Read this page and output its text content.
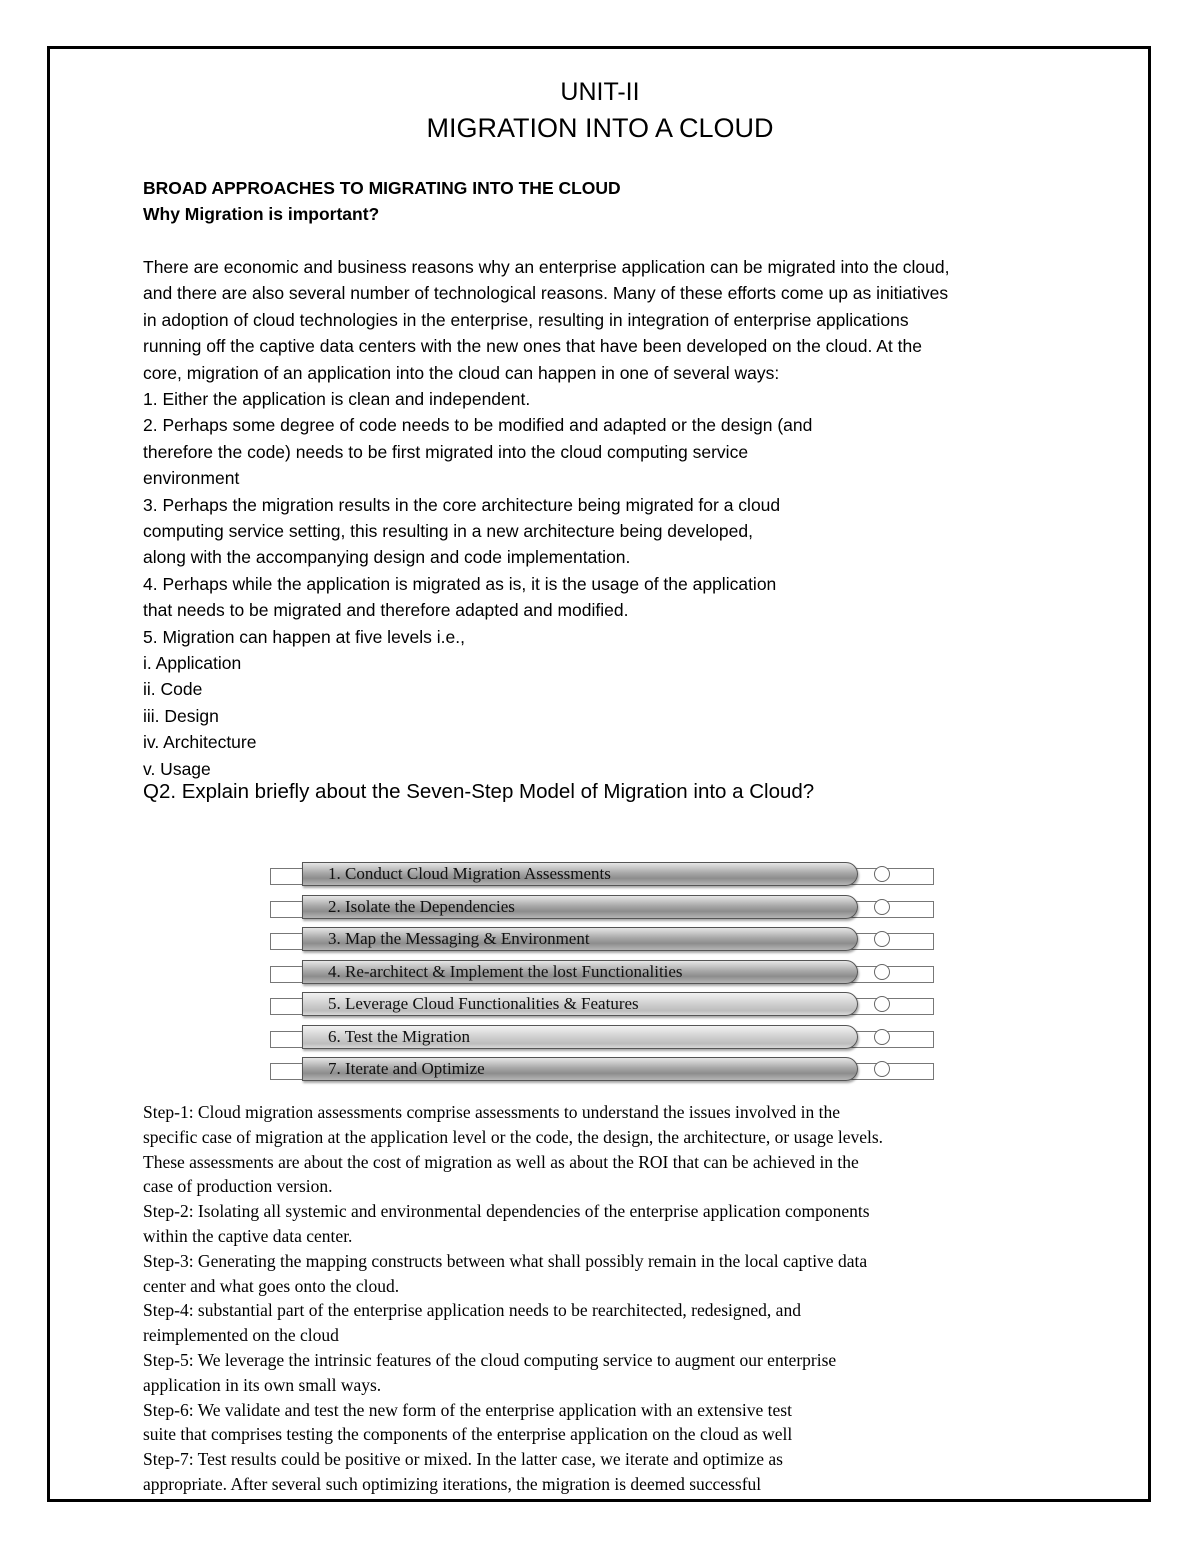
UNIT-II
MIGRATION INTO A CLOUD
BROAD APPROACHES TO MIGRATING INTO THE CLOUD
Why Migration is important?
There are economic and business reasons why an enterprise application can be migrated into the cloud,
and there are also several number of technological reasons. Many of these efforts come up as initiatives
in adoption of cloud technologies in the enterprise, resulting in integration of enterprise applications
running off the captive data centers with the new ones that have been developed on the cloud. At the
core, migration of an application into the cloud can happen in one of several ways:
1. Either the application is clean and independent.
2. Perhaps some degree of code needs to be modified and adapted or the design (and
therefore the code) needs to be first migrated into the cloud computing service
environment
3. Perhaps the migration results in the core architecture being migrated for a cloud
computing service setting, this resulting in a new architecture being developed,
along with the accompanying design and code implementation.
4. Perhaps while the application is migrated as is, it is the usage of the application
that needs to be migrated and therefore adapted and modified.
5. Migration can happen at five levels i.e.,
i. Application
ii. Code
iii. Design
iv. Architecture
v. Usage
Q2. Explain briefly about the Seven-Step Model of Migration into a Cloud?
1. Conduct Cloud Migration Assessments
2. Isolate the Dependencies
3. Map the Messaging & Environment
4. Re-architect & Implement the lost Functionalities
5. Leverage Cloud Functionalities & Features
6. Test the Migration
7. Iterate and Optimize
Step-1: Cloud migration assessments comprise assessments to understand the issues involved in the
specific case of migration at the application level or the code, the design, the architecture, or usage levels.
These assessments are about the cost of migration as well as about the ROI that can be achieved in the
case of production version.
Step-2: Isolating all systemic and environmental dependencies of the enterprise application components
within the captive data center.
Step-3: Generating the mapping constructs between what shall possibly remain in the local captive data
center and what goes onto the cloud.
Step-4: substantial part of the enterprise application needs to be rearchitected, redesigned, and
reimplemented on the cloud
Step-5: We leverage the intrinsic features of the cloud computing service to augment our enterprise
application in its own small ways.
Step-6: We validate and test the new form of the enterprise application with an extensive test
suite that comprises testing the components of the enterprise application on the cloud as well
Step-7: Test results could be positive or mixed. In the latter case, we iterate and optimize as
appropriate. After several such optimizing iterations, the migration is deemed successful
